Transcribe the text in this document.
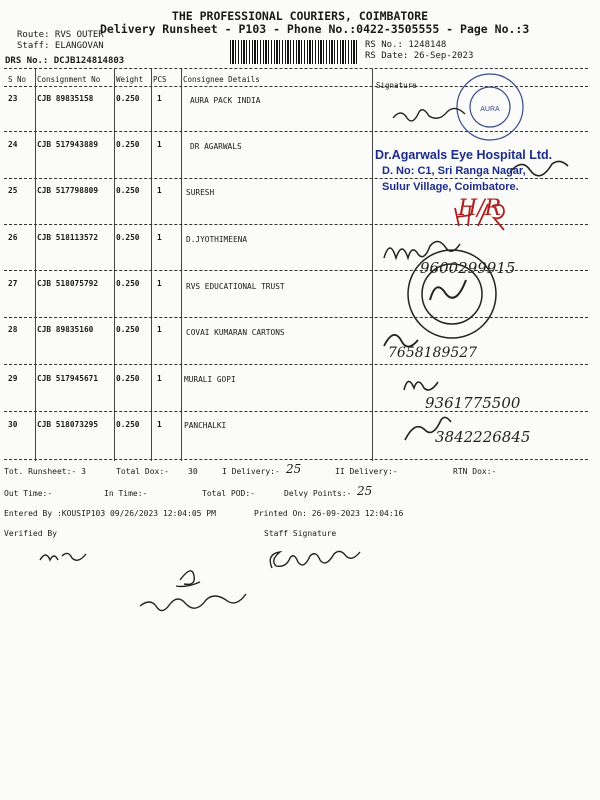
THE PROFESSIONAL COURIERS, COIMBATORE
Delivery Runsheet - P103 - Phone No.:0422-3505555 - Page No.:3
Route: RVS OUTER
Staff: ELANGOVAN
DRS No.: DCJB124814803
RS No.: 1248148
RS Date: 26-Sep-2023
S No Consignment No Weight PCS Consignee Details
Signature
23	CJB 89835158	0.250 1	AURA PACK INDIA
24	CJB 517943889 0.250 1	DR AGARWALS
25	CJB 517798809 0.250 1	SURESH
26	CJB 518113572 0.250 1	D.JYOTHIMEENA
27	CJB 518075792 0.250 1	RVS EDUCATIONAL TRUST
28	CJB 89835160	0.250 1	COVAI KUMARAN CARTONS
29	CJB 517945671 0.250 1	MURALI GOPI
30	CJB 518073295 0.250 1	PANCHALKI
AURA
Dr.Agarwals Eye Hospital Ltd.
D. No: C1, Sri Ranga Nagar,
Sulur Village, Coimbatore.
H/R
9600299915
7658189527
9361775500
3842226845
Tot. Runsheet:- 3	Total Dox:- 30	I Delivery:- 25	II Delivery:-	RTN Dox:-
Out Time:-	In Time:-	Total POD:-	Delvy Points:- 25
Entered By :KOUSIP103 09/26/2023 12:04:05 PM	Printed On: 26-09-2023 12:04:16
Verified By	Staff Signature
